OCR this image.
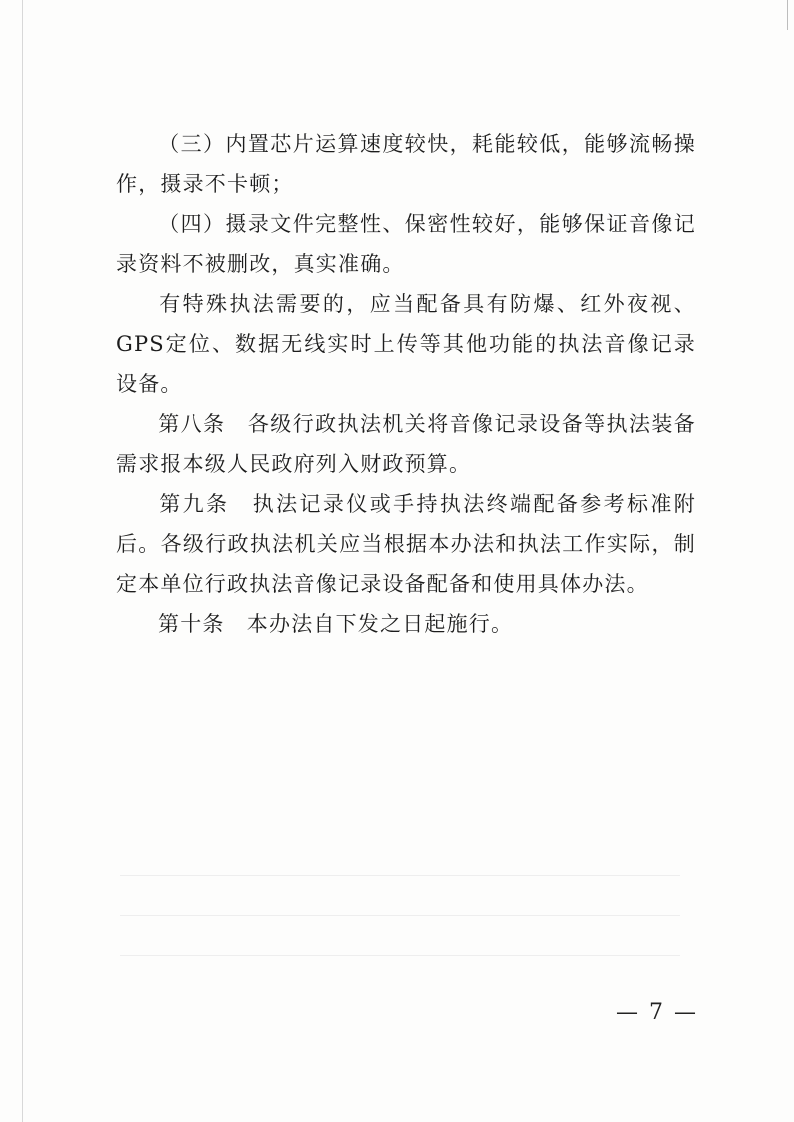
（三）内置芯片运算速度较快，耗能较低，能够流畅操作，摄录不卡顿；

（四）摄录文件完整性、保密性较好，能够保证音像记录资料不被删改，真实准确。

有特殊执法需要的，应当配备具有防爆、红外夜视、GPS定位、数据无线实时上传等其他功能的执法音像记录设备。

第八条　各级行政执法机关将音像记录设备等执法装备需求报本级人民政府列入财政预算。

第九条　执法记录仪或手持执法终端配备参考标准附后。各级行政执法机关应当根据本办法和执法工作实际，制定本单位行政执法音像记录设备配备和使用具体办法。

第十条　本办法自下发之日起施行。

— 7 —
